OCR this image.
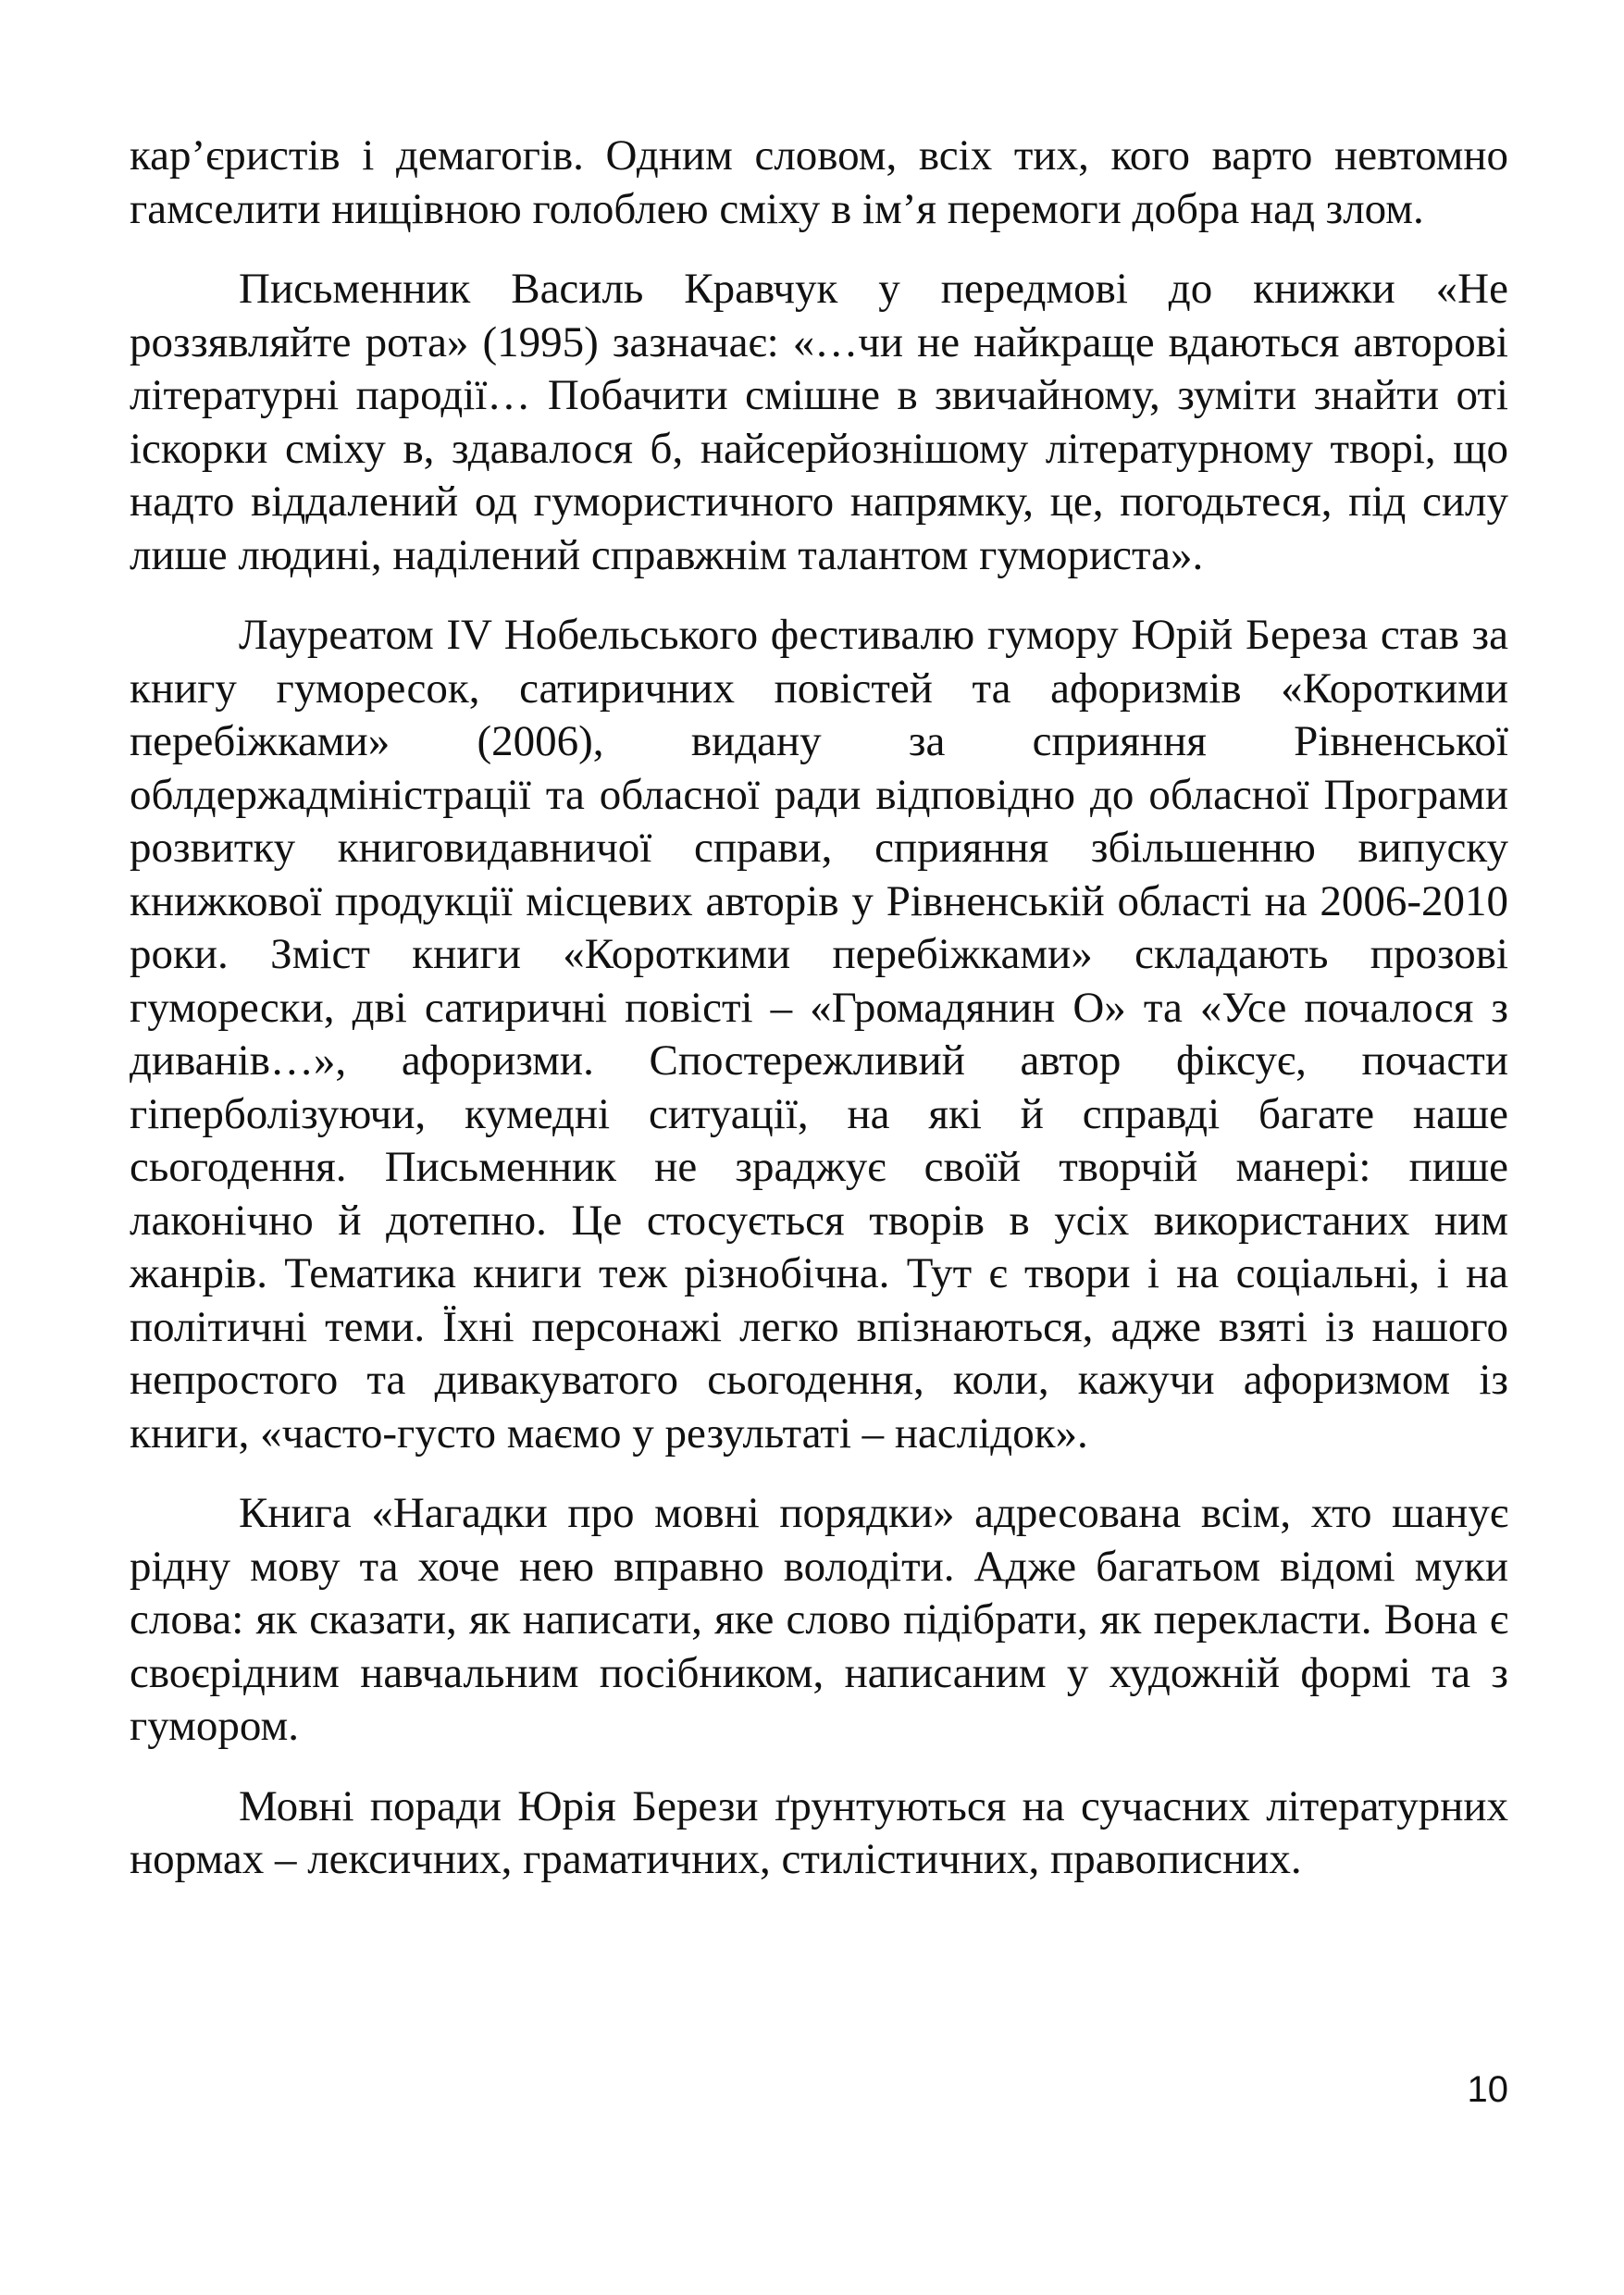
кар’єристів і демагогів. Одним словом, всіх тих, кого варто невтомно гамселити нищівною голоблею сміху в ім’я перемоги добра над злом.

Письменник Василь Кравчук у передмові до книжки «Не роззявляйте рота» (1995) зазначає: «…чи не найкраще вдаються авторові літературні пародії… Побачити смішне в звичайному, зуміти знайти оті іскорки сміху в, здавалося б, найсерйознішому літературному творі, що надто віддалений од гумористичного напрямку, це, погодьтеся, під силу лише людині, наділений справжнім талантом гумориста».

Лауреатом IV Нобельського фестивалю гумору Юрій Береза став за книгу гуморесок, сатиричних повістей та афоризмів «Короткими перебіжками» (2006), видану за сприяння Рівненської облдержадміністрації та обласної ради відповідно до обласної Програми розвитку книговидавничої справи, сприяння збільшенню випуску книжкової продукції місцевих авторів у Рівненській області на 2006-2010 роки. Зміст книги «Короткими перебіжками» складають прозові гуморески, дві сатиричні повісті – «Громадянин О» та «Усе почалося з диванів…», афоризми. Спостережливий автор фіксує, почасти гіперболізуючи, кумедні ситуації, на які й справді багате наше сьогодення. Письменник не зраджує своїй творчій манері: пише лаконічно й дотепно. Це стосується творів в усіх використаних ним жанрів. Тематика книги теж різнобічна. Тут є твори і на соціальні, і на політичні теми. Їхні персонажі легко впізнаються, адже взяті із нашого непростого та дивакуватого сьогодення, коли, кажучи афоризмом із книги, «часто-густо маємо у результаті – наслідок».

Книга «Нагадки про мовні порядки» адресована всім, хто шанує рідну мову та хоче нею вправно володіти. Адже багатьом відомі муки слова: як сказати, як написати, яке слово підібрати, як перекласти. Вона є своєрідним навчальним посібником, написаним у художній формі та з гумором.

Мовні поради Юрія Берези ґрунтуються на сучасних літературних нормах – лексичних, граматичних, стилістичних, правописних.

10
